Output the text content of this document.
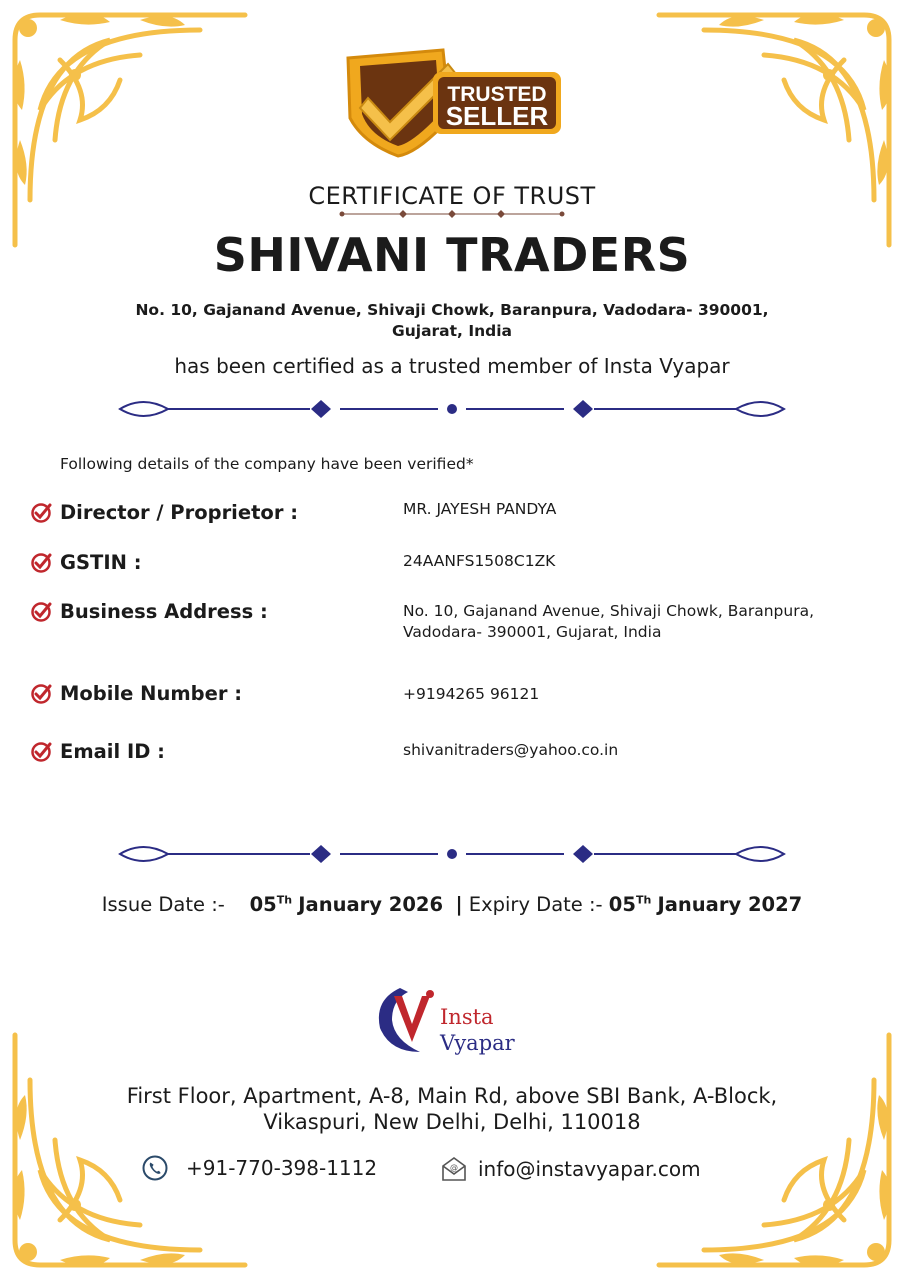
TRUSTED
SELLER
CERTIFICATE OF TRUST
SHIVANI TRADERS
No. 10, Gajanand Avenue, Shivaji Chowk, Baranpura, Vadodara- 390001,
Gujarat, India
has been certified as a trusted member of Insta Vyapar
Following details of the company have been verified*
Director / Proprietor :	MR. JAYESH PANDYA
GSTIN :	24AANFS1508C1ZK
Business Address :	No. 10, Gajanand Avenue, Shivaji Chowk, Baranpura,
Vadodara- 390001, Gujarat, India
Mobile Number :	+9194265 96121
Email ID :	shivanitraders@yahoo.co.in
Issue Date :- 05Th January 2026 | Expiry Date :- 05Th January 2027
Insta
Vyapar
First Floor, Apartment, A-8, Main Rd, above SBI Bank, A-Block,
Vikaspuri, New Delhi, Delhi, 110018
+91-770-398-1112	@ info@instavyapar.com
